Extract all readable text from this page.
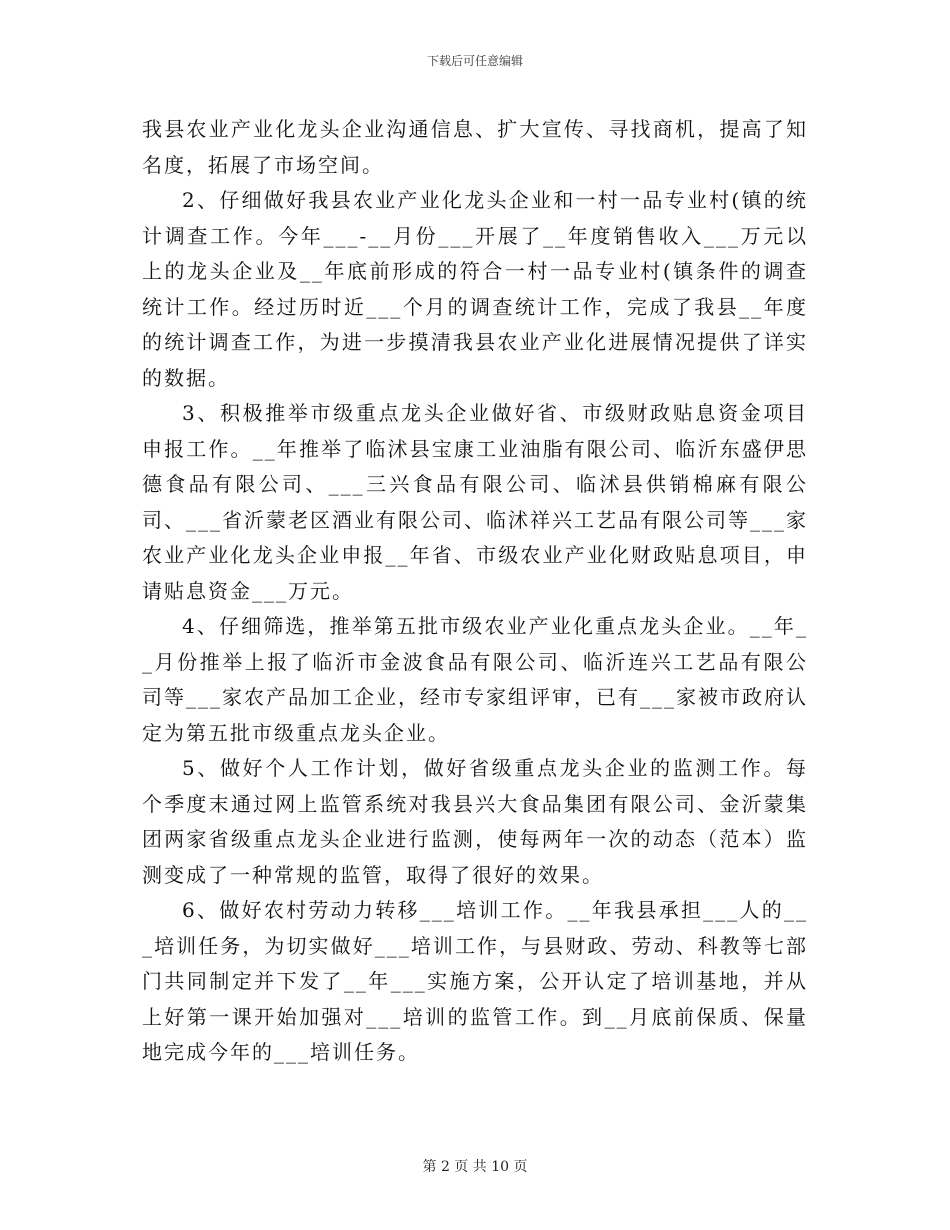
下载后可任意编辑

我县农业产业化龙头企业沟通信息、扩大宣传、寻找商机，提高了知名度，拓展了市场空间。

2、仔细做好我县农业产业化龙头企业和一村一品专业村(镇的统计调查工作。今年___-__月份___开展了__年度销售收入___万元以上的龙头企业及__年底前形成的符合一村一品专业村(镇条件的调查统计工作。经过历时近___个月的调查统计工作，完成了我县__年度的统计调查工作，为进一步摸清我县农业产业化进展情况提供了详实的数据。

3、积极推举市级重点龙头企业做好省、市级财政贴息资金项目申报工作。__年推举了临沭县宝康工业油脂有限公司、临沂东盛伊思德食品有限公司、___三兴食品有限公司、临沭县供销棉麻有限公司、___省沂蒙老区酒业有限公司、临沭祥兴工艺品有限公司等___家农业产业化龙头企业申报__年省、市级农业产业化财政贴息项目，申请贴息资金___万元。

4、仔细筛选，推举第五批市级农业产业化重点龙头企业。__年__月份推举上报了临沂市金波食品有限公司、临沂连兴工艺品有限公司等___家农产品加工企业，经市专家组评审，已有___家被市政府认定为第五批市级重点龙头企业。

5、做好个人工作计划，做好省级重点龙头企业的监测工作。每个季度末通过网上监管系统对我县兴大食品集团有限公司、金沂蒙集团两家省级重点龙头企业进行监测，使每两年一次的动态（范本）监测变成了一种常规的监管，取得了很好的效果。

6、做好农村劳动力转移___培训工作。__年我县承担___人的___培训任务，为切实做好___培训工作，与县财政、劳动、科教等七部门共同制定并下发了__年___实施方案，公开认定了培训基地，并从上好第一课开始加强对___培训的监管工作。到__月底前保质、保量地完成今年的___培训任务。

第 2 页 共 10 页
